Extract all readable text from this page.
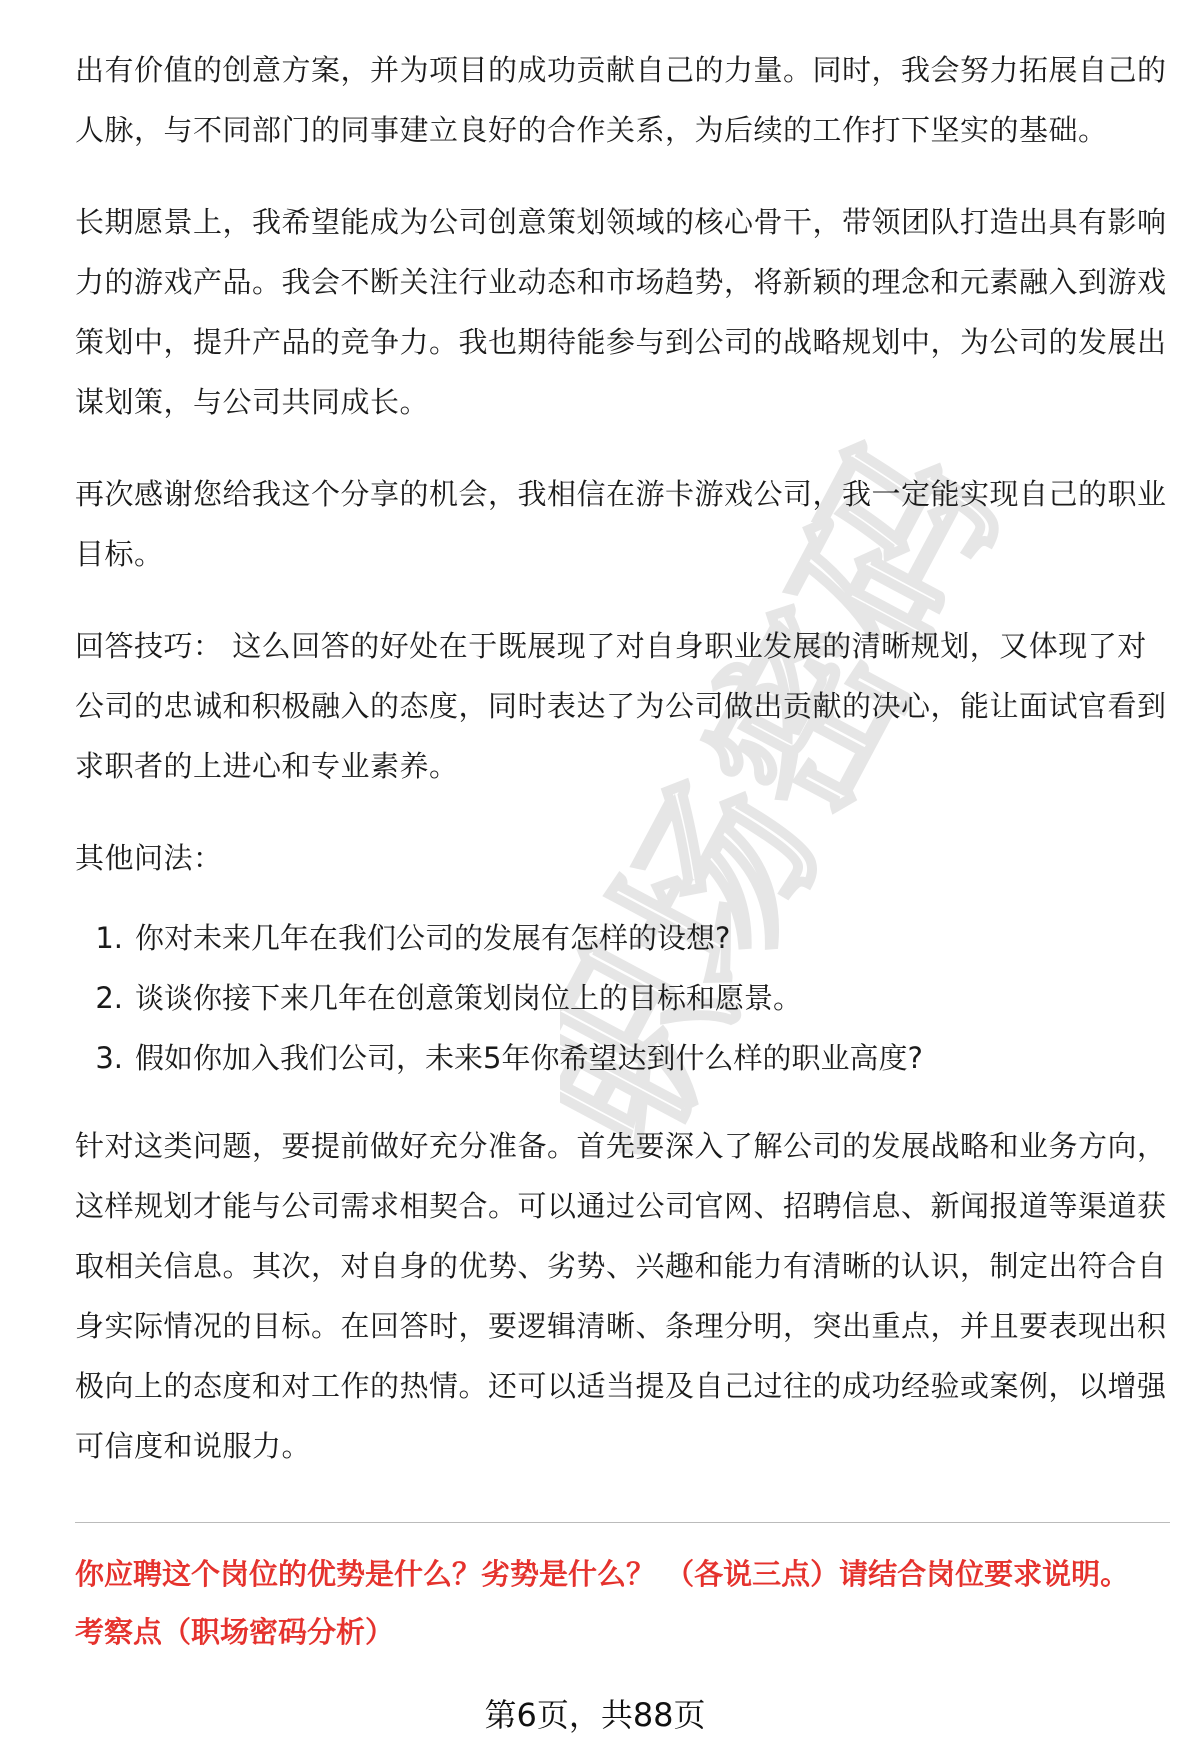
职场密码

出有价值的创意方案，并为项目的成功贡献自己的力量。同时，我会努力拓展自己的人脉，与不同部门的同事建立良好的合作关系，为后续的工作打下坚实的基础。

长期愿景上，我希望能成为公司创意策划领域的核心骨干，带领团队打造出具有影响力的游戏产品。我会不断关注行业动态和市场趋势，将新颖的理念和元素融入到游戏策划中，提升产品的竞争力。我也期待能参与到公司的战略规划中，为公司的发展出谋划策，与公司共同成长。

再次感谢您给我这个分享的机会，我相信在游卡游戏公司，我一定能实现自己的职业目标。

回答技巧： 这么回答的好处在于既展现了对自身职业发展的清晰规划，又体现了对公司的忠诚和积极融入的态度，同时表达了为公司做出贡献的决心，能让面试官看到求职者的上进心和专业素养。

其他问法：

1. 你对未来几年在我们公司的发展有怎样的设想?
2. 谈谈你接下来几年在创意策划岗位上的目标和愿景。
3. 假如你加入我们公司，未来5年你希望达到什么样的职业高度?

针对这类问题，要提前做好充分准备。首先要深入了解公司的发展战略和业务方向，这样规划才能与公司需求相契合。可以通过公司官网、招聘信息、新闻报道等渠道获取相关信息。其次，对自身的优势、劣势、兴趣和能力有清晰的认识，制定出符合自身实际情况的目标。在回答时，要逻辑清晰、条理分明，突出重点，并且要表现出积极向上的态度和对工作的热情。还可以适当提及自己过往的成功经验或案例，以增强可信度和说服力。

你应聘这个岗位的优势是什么？劣势是什么？ （各说三点）请结合岗位要求说明。
考察点（职场密码分析）
第6页，共88页
